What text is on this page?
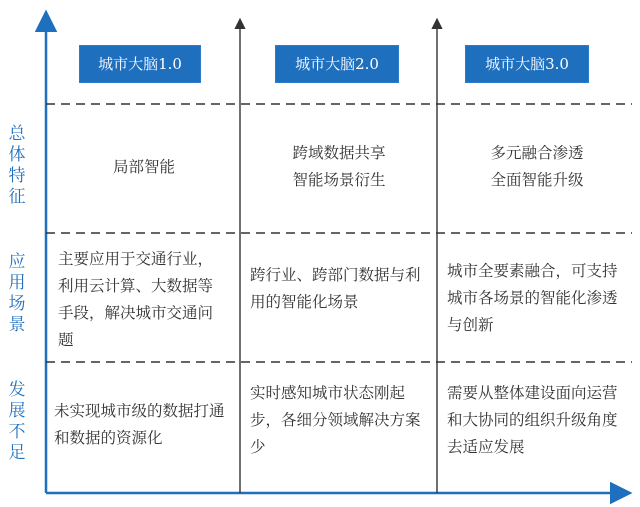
城市大脑1.0	城市大脑2.0	城市大脑3.0
总体特征
应用场景
发展不足
局部智能
跨域数据共享
智能场景衍生
多元融合渗透
全面智能升级
主要应用于交通行业，利用云计算、大数据等手段，解决城市交通问题
跨行业、跨部门数据与利用的智能化场景
城市全要素融合，可支持城市各场景的智能化渗透与创新
未实现城市级的数据打通和数据的资源化
实时感知城市状态刚起步，各细分领域解决方案少
需要从整体建设面向运营和大协同的组织升级角度去适应发展
